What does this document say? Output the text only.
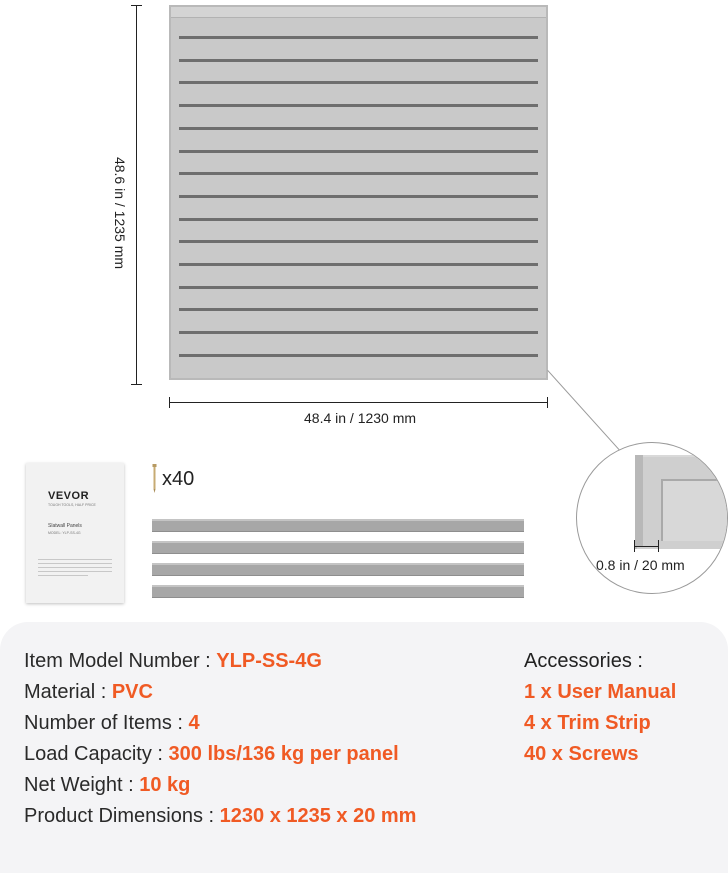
48.6 in / 1235 mm
48.4 in / 1230 mm
VEVOR
TOUGH TOOLS, HALF PRICE
Slatwall Panels
MODEL: YLP-SS-4G
x40
0.8 in / 20 mm
Item Model Number : YLP-SS-4G
Material : PVC
Number of Items : 4
Load Capacity : 300 lbs/136 kg per panel
Net Weight : 10 kg
Product Dimensions : 1230 x 1235 x 20 mm
Accessories :
1 x User Manual
4 x Trim Strip
40 x Screws
